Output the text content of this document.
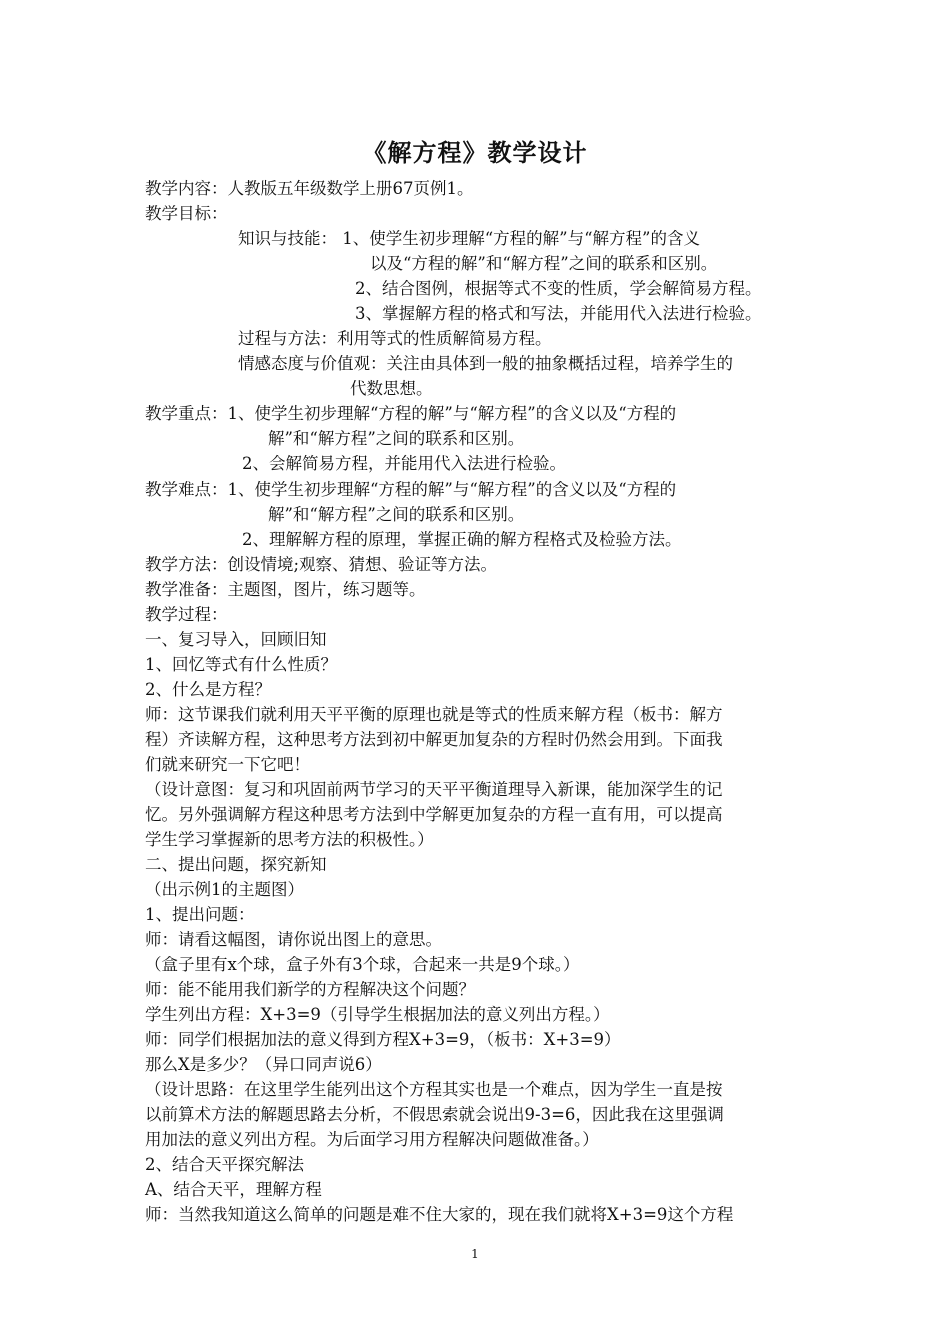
《解方程》教学设计
教学内容：人教版五年级数学上册67页例1。
教学目标：
知识与技能： 1、使学生初步理解“方程的解”与“解方程”的含义
以及“方程的解”和“解方程”之间的联系和区别。
2、结合图例，根据等式不变的性质，学会解简易方程。
3、掌握解方程的格式和写法，并能用代入法进行检验。
过程与方法：利用等式的性质解简易方程。
情感态度与价值观：关注由具体到一般的抽象概括过程，培养学生的
代数思想。
教学重点：1、使学生初步理解“方程的解”与“解方程”的含义以及“方程的
解”和“解方程”之间的联系和区别。
2、会解简易方程，并能用代入法进行检验。
教学难点：1、使学生初步理解“方程的解”与“解方程”的含义以及“方程的
解”和“解方程”之间的联系和区别。
2、理解解方程的原理，掌握正确的解方程格式及检验方法。
教学方法：创设情境;观察、猜想、验证等方法。
教学准备：主题图，图片，练习题等。
教学过程：
一、复习导入，回顾旧知
1、回忆等式有什么性质？
2、什么是方程？
师：这节课我们就利用天平平衡的原理也就是等式的性质来解方程（板书：解方
程）齐读解方程，这种思考方法到初中解更加复杂的方程时仍然会用到。下面我
们就来研究一下它吧！
（设计意图：复习和巩固前两节学习的天平平衡道理导入新课，能加深学生的记
忆。另外强调解方程这种思考方法到中学解更加复杂的方程一直有用，可以提高
学生学习掌握新的思考方法的积极性。）
二、提出问题，探究新知
（出示例1的主题图）
1、提出问题：
师：请看这幅图，请你说出图上的意思。
（盒子里有x个球，盒子外有3个球，合起来一共是9个球。）
师：能不能用我们新学的方程解决这个问题？
学生列出方程：X+3=9（引导学生根据加法的意义列出方程。）
师：同学们根据加法的意义得到方程X+3=9，（板书：X+3=9）
那么X是多少？（异口同声说6）
（设计思路：在这里学生能列出这个方程其实也是一个难点，因为学生一直是按
以前算术方法的解题思路去分析，不假思索就会说出9-3=6，因此我在这里强调
用加法的意义列出方程。为后面学习用方程解决问题做准备。）
2、结合天平探究解法
A、结合天平，理解方程
师：当然我知道这么简单的问题是难不住大家的，现在我们就将X+3=9这个方程
1
